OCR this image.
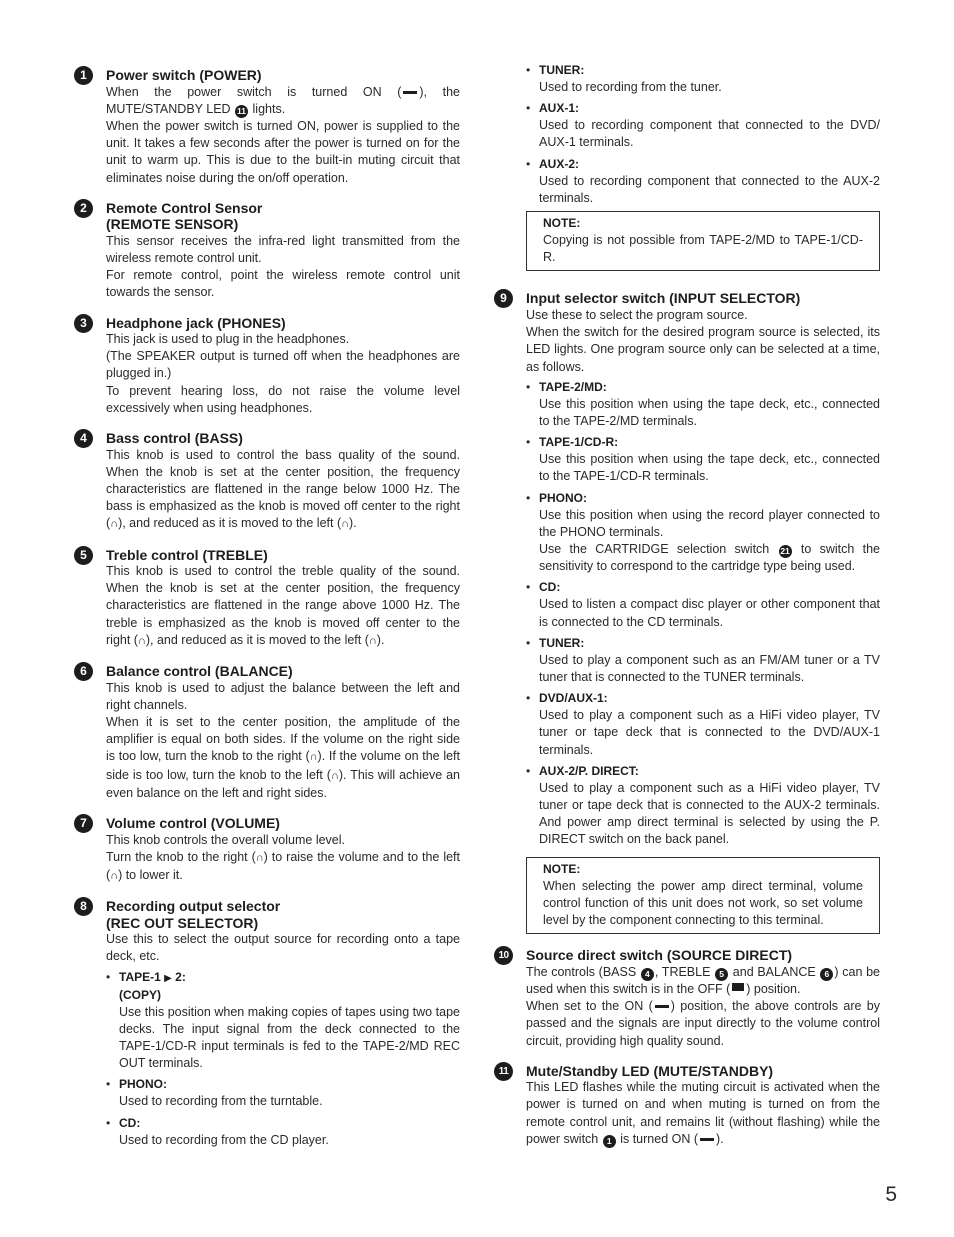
1	Power switch (POWER)

When the power switch is turned ON ( ), the MUTE/STANDBY LED 11 lights.

When the power switch is turned ON, power is supplied to the unit. It takes a few seconds after the power is turned on for the unit to warm up. This is due to the built-in muting circuit that eliminates noise during the on/off operation.

2	Remote Control Sensor
(REMOTE SENSOR)

This sensor receives the infra-red light transmitted from the wireless remote control unit.

For remote control, point the wireless remote control unit towards the sensor.

3	Headphone jack (PHONES)

This jack is used to plug in the headphones.

(The SPEAKER output is turned off when the headphones are plugged in.)

To prevent hearing loss, do not raise the volume level excessively when using headphones.

4	Bass control (BASS)

This knob is used to control the bass quality of the sound. When the knob is set at the center position, the frequency characteristics are flattened in the range below 1000 Hz. The bass is emphasized as the knob is moved off center to the right (∩), and reduced as it is moved to the left (∩).

5	Treble control (TREBLE)

This knob is used to control the treble quality of the sound. When the knob is set at the center position, the frequency characteristics are flattened in the range above 1000 Hz. The treble is emphasized as the knob is moved off center to the right (∩), and reduced as it is moved to the left (∩).

6	Balance control (BALANCE)

This knob is used to adjust the balance between the left and right channels.

When it is set to the center position, the amplitude of the amplifier is equal on both sides. If the volume on the right side is too low, turn the knob to the right (∩). If the volume on the left side is too low, turn the knob to the left (∩). This will achieve an even balance on the left and right sides.

7	Volume control (VOLUME)

This knob controls the overall volume level.

Turn the knob to the right (∩) to raise the volume and to the left (∩) to lower it.

8	Recording output selector
(REC OUT SELECTOR)

Use this to select the output source for recording onto a tape deck, etc.

• TAPE-1 ▶ 2:
(COPY)

Use this position when making copies of tapes using two tape decks. The input signal from the deck connected to the TAPE-1/CD-R input terminals is fed to the TAPE-2/MD REC OUT terminals.

• PHONO:

Used to recording from the turntable.

• CD:

Used to recording from the CD player.

• TUNER:

Used to recording from the tuner.

• AUX-1:

Used to recording component that connected to the DVD/ AUX-1 terminals.

• AUX-2:

Used to recording component that connected to the AUX-2 terminals.

NOTE:

Copying is not possible from TAPE-2/MD to TAPE-1/CD-R.

9	Input selector switch (INPUT SELECTOR)

Use these to select the program source.

When the switch for the desired program source is selected, its LED lights. One program source only can be selected at a time, as follows.

• TAPE-2/MD:

Use this position when using the tape deck, etc., connected to the TAPE-2/MD terminals.

• TAPE-1/CD-R:

Use this position when using the tape deck, etc., connected to the TAPE-1/CD-R terminals.

• PHONO:

Use this position when using the record player connected to the PHONO terminals.

Use the CARTRIDGE selection switch 21 to switch the sensitivity to correspond to the cartridge type being used.

• CD:

Used to listen a compact disc player or other component that is connected to the CD terminals.

• TUNER:

Used to play a component such as an FM/AM tuner or a TV tuner that is connected to the TUNER terminals.

• DVD/AUX-1:

Used to play a component such as a HiFi video player, TV tuner or tape deck that is connected to the DVD/AUX-1 terminals.

• AUX-2/P. DIRECT:

Used to play a component such as a HiFi video player, TV tuner or tape deck that is connected to the AUX-2 terminals. And power amp direct terminal is selected by using the P. DIRECT switch on the back panel.

NOTE:

When selecting the power amp direct terminal, volume control function of this unit does not work, so set volume level by the component connecting to this terminal.

10	Source direct switch (SOURCE DIRECT)

The controls (BASS 4 , TREBLE 5 and BALANCE 6 ) can be used when this switch is in the OFF ( ) position.

When set to the ON ( ) position, the above controls are by passed and the signals are input directly to the volume control circuit, providing high quality sound.

11	Mute/Standby LED (MUTE/STANDBY)

This LED flashes while the muting circuit is activated when the power is turned on and when muting is turned on from the remote control unit, and remains lit (without flashing) while the power switch 1 is turned ON ( ).

5
